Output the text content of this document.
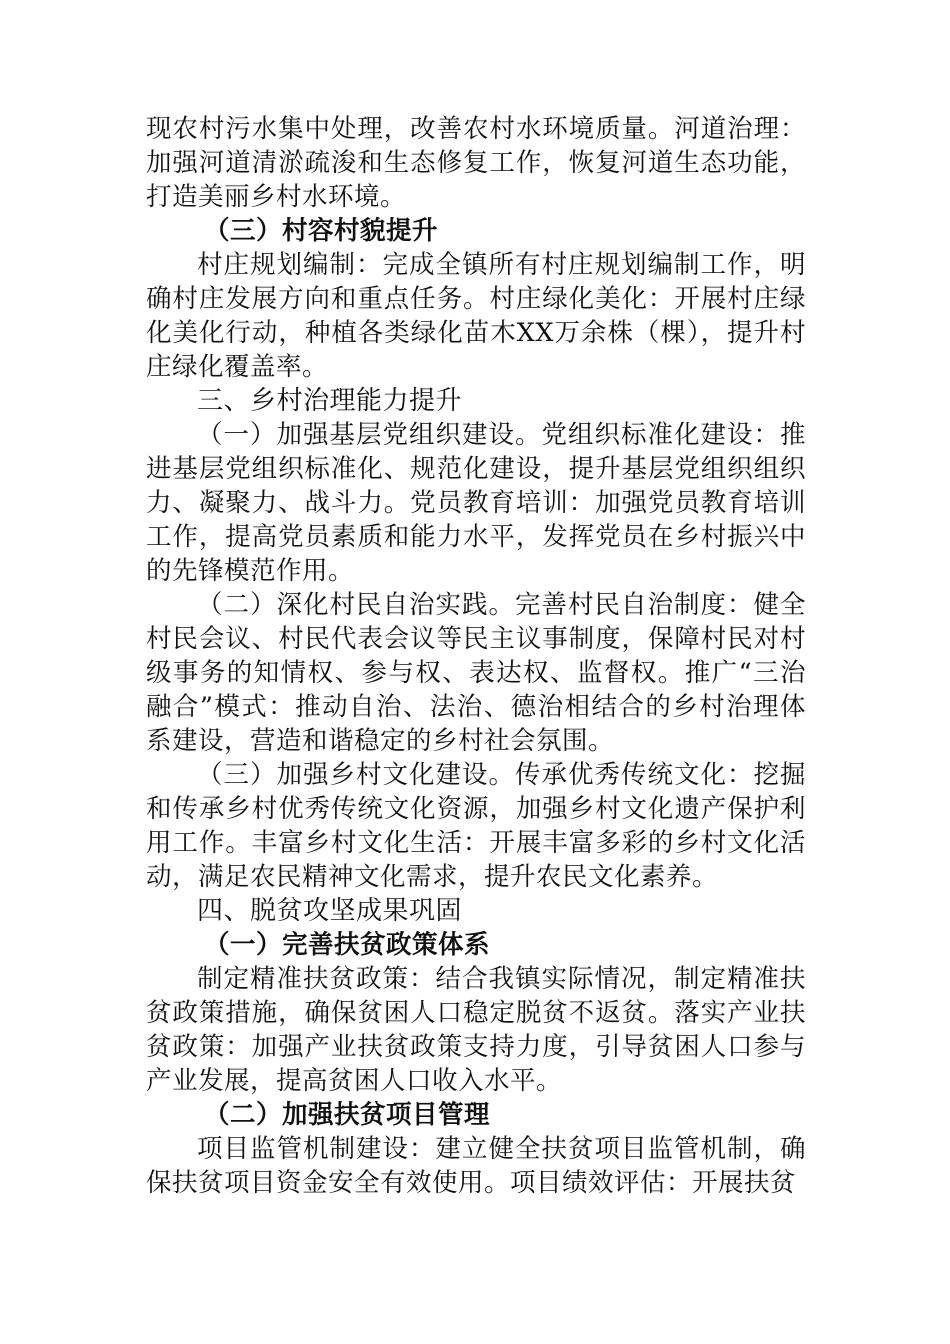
现农村污水集中处理，改善农村水环境质量。河道治理：加强河道清淤疏浚和生态修复工作，恢复河道生态功能，打造美丽乡村水环境。

（三）村容村貌提升

村庄规划编制：完成全镇所有村庄规划编制工作，明确村庄发展方向和重点任务。村庄绿化美化：开展村庄绿化美化行动，种植各类绿化苗木XX万余株（棵），提升村庄绿化覆盖率。

三、乡村治理能力提升

（一）加强基层党组织建设。党组织标准化建设：推进基层党组织标准化、规范化建设，提升基层党组织组织力、凝聚力、战斗力。党员教育培训：加强党员教育培训工作，提高党员素质和能力水平，发挥党员在乡村振兴中的先锋模范作用。

（二）深化村民自治实践。完善村民自治制度：健全村民会议、村民代表会议等民主议事制度，保障村民对村级事务的知情权、参与权、表达权、监督权。推广“三治融合”模式：推动自治、法治、德治相结合的乡村治理体系建设，营造和谐稳定的乡村社会氛围。

（三）加强乡村文化建设。传承优秀传统文化：挖掘和传承乡村优秀传统文化资源，加强乡村文化遗产保护利用工作。丰富乡村文化生活：开展丰富多彩的乡村文化活动，满足农民精神文化需求，提升农民文化素养。

四、脱贫攻坚成果巩固

（一）完善扶贫政策体系

制定精准扶贫政策：结合我镇实际情况，制定精准扶贫政策措施，确保贫困人口稳定脱贫不返贫。落实产业扶贫政策：加强产业扶贫政策支持力度，引导贫困人口参与产业发展，提高贫困人口收入水平。

（二）加强扶贫项目管理

项目监管机制建设：建立健全扶贫项目监管机制，确保扶贫项目资金安全有效使用。项目绩效评估：开展扶贫
